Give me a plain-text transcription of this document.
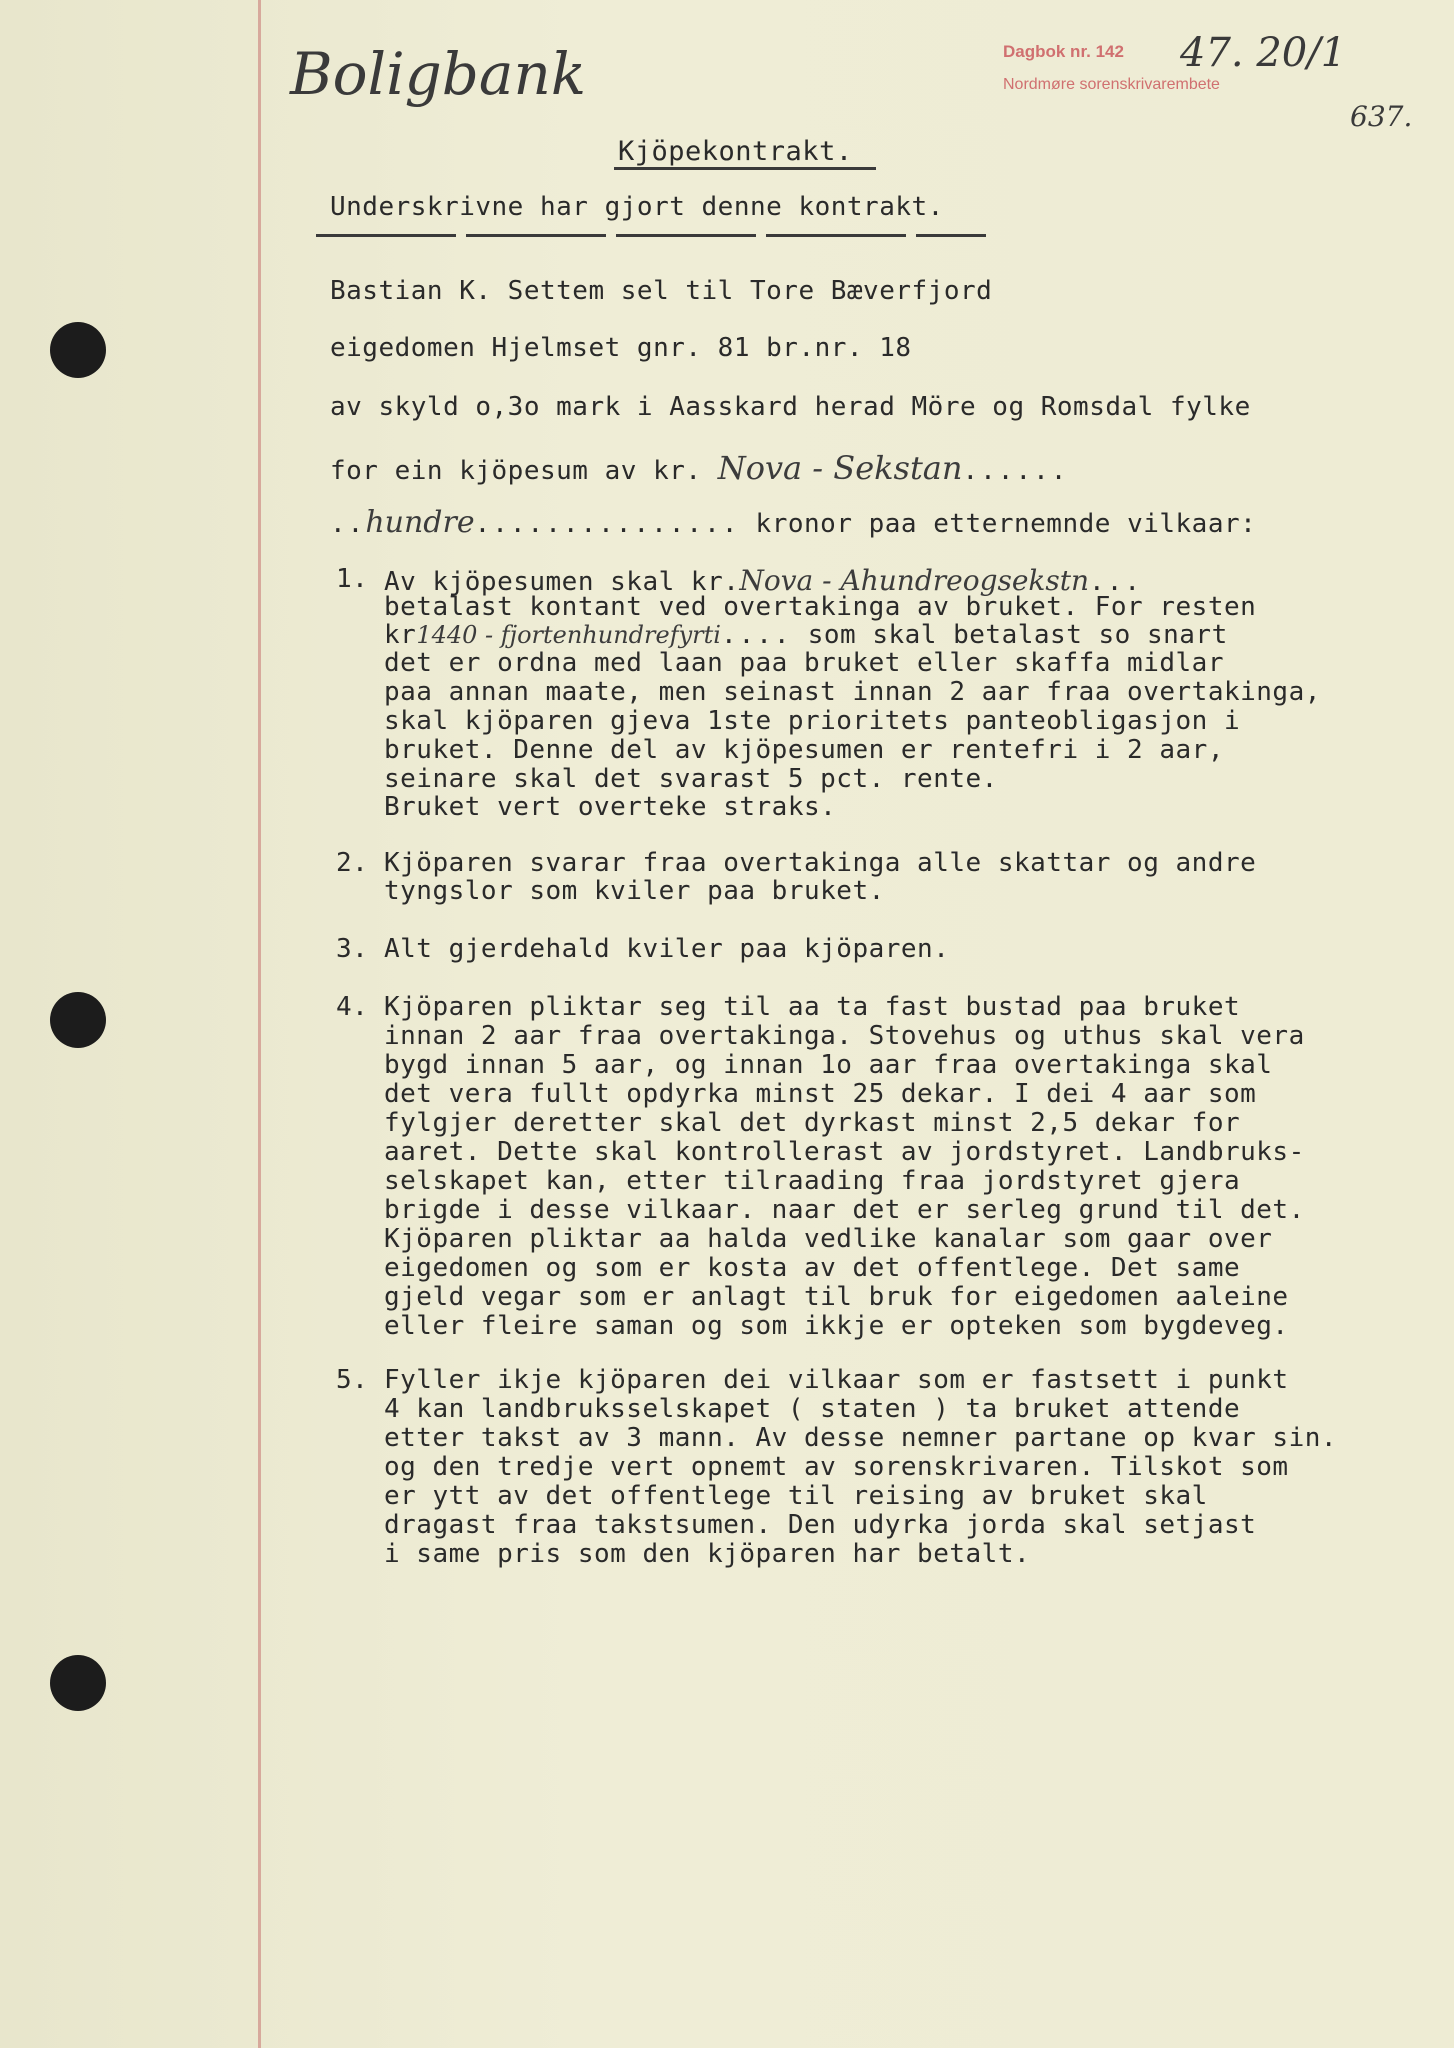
Boligbank	Dagbok nr. 142
Nordmøre sorenskrivarembete
47. 20/1
637.
Kjöpekontrakt.
Underskrivne har gjort denne kontrakt.
Bastian K. Settem sel til Tore Bæverfjord
eigedomen Hjelmset gnr. 81 br.nr. 18
av skyld o,3o mark i Aasskard herad Möre og Romsdal fylke
for ein kjöpesum av kr. Nova - Sekstan......
..hundre............... kronor paa etternemnde vilkaar:
1. Av kjöpesumen skal kr.Nova - Ahundreogsekstn...
betalast kontant ved overtakinga av bruket. For resten
kr1440 - fjortenhundrefyrti.... som skal betalast so snart
det er ordna med laan paa bruket eller skaffa midlar
paa annan maate, men seinast innan 2 aar fraa overtakinga,
skal kjöparen gjeva 1ste prioritets panteobligasjon i
bruket. Denne del av kjöpesumen er rentefri i 2 aar,
seinare skal det svarast 5 pct. rente.
Bruket vert overteke straks.
2. Kjöparen svarar fraa overtakinga alle skattar og andre
tyngslor som kviler paa bruket.
3. Alt gjerdehald kviler paa kjöparen.
4. Kjöparen pliktar seg til aa ta fast bustad paa bruket
innan 2 aar fraa overtakinga. Stovehus og uthus skal vera
bygd innan 5 aar, og innan 1o aar fraa overtakinga skal
det vera fullt opdyrka minst 25 dekar. I dei 4 aar som
fylgjer deretter skal det dyrkast minst 2,5 dekar for
aaret. Dette skal kontrollerast av jordstyret. Landbruks-
selskapet kan, etter tilraading fraa jordstyret gjera
brigde i desse vilkaar. naar det er serleg grund til det.
Kjöparen pliktar aa halda vedlike kanalar som gaar over
eigedomen og som er kosta av det offentlege. Det same
gjeld vegar som er anlagt til bruk for eigedomen aaleine
eller fleire saman og som ikkje er opteken som bygdeveg.
5. Fyller ikje kjöparen dei vilkaar som er fastsett i punkt
4 kan landbruksselskapet ( staten ) ta bruket attende
etter takst av 3 mann. Av desse nemner partane op kvar sin.
og den tredje vert opnemt av sorenskrivaren. Tilskot som
er ytt av det offentlege til reising av bruket skal
dragast fraa takstsumen. Den udyrka jorda skal setjast
i same pris som den kjöparen har betalt.
